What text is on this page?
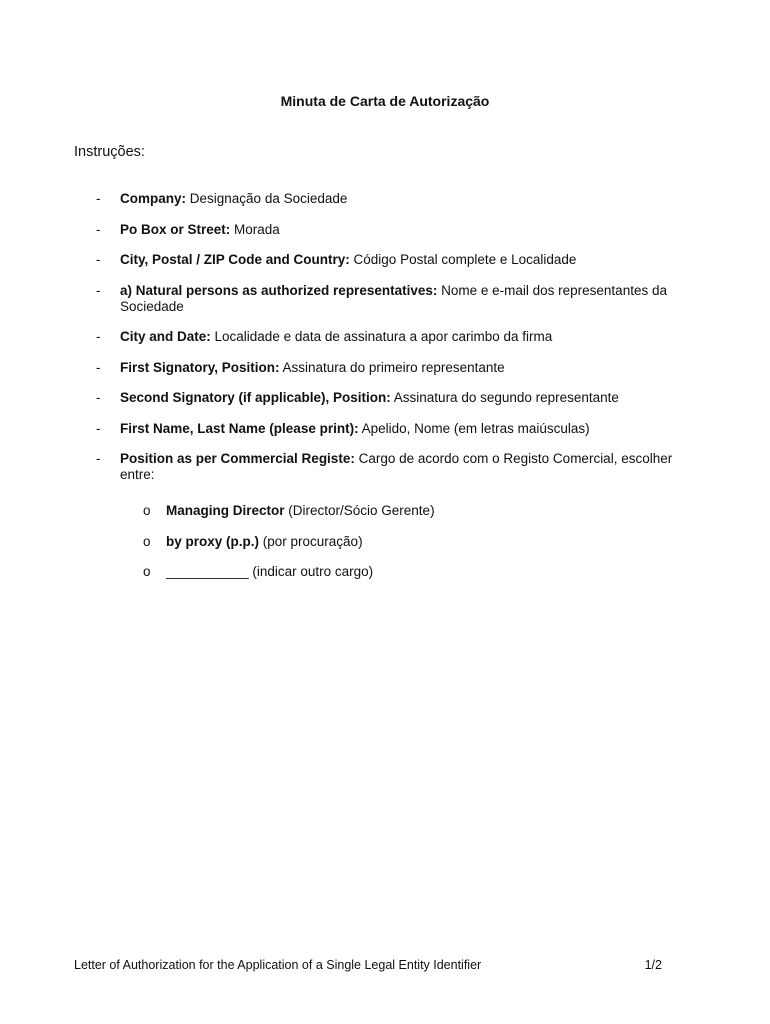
Minuta de Carta de Autorização
Instruções:
- Company: Designação da Sociedade
- Po Box or Street: Morada
- City, Postal / ZIP Code and Country: Código Postal complete e Localidade
- a) Natural persons as authorized representatives: Nome e e-mail dos representantes da Sociedade
- City and Date: Localidade e data de assinatura a apor carimbo da firma
- First Signatory, Position: Assinatura do primeiro representante
- Second Signatory (if applicable), Position: Assinatura do segundo representante
- First Name, Last Name (please print): Apelido, Nome (em letras maiúsculas)
- Position as per Commercial Registe: Cargo de acordo com o Registo Comercial, escolher entre:
o Managing Director (Director/Sócio Gerente)
o by proxy (p.p.) (por procuração)
o ___________ (indicar outro cargo)
Letter of Authorization for the Application of a Single Legal Entity Identifier	1/2
